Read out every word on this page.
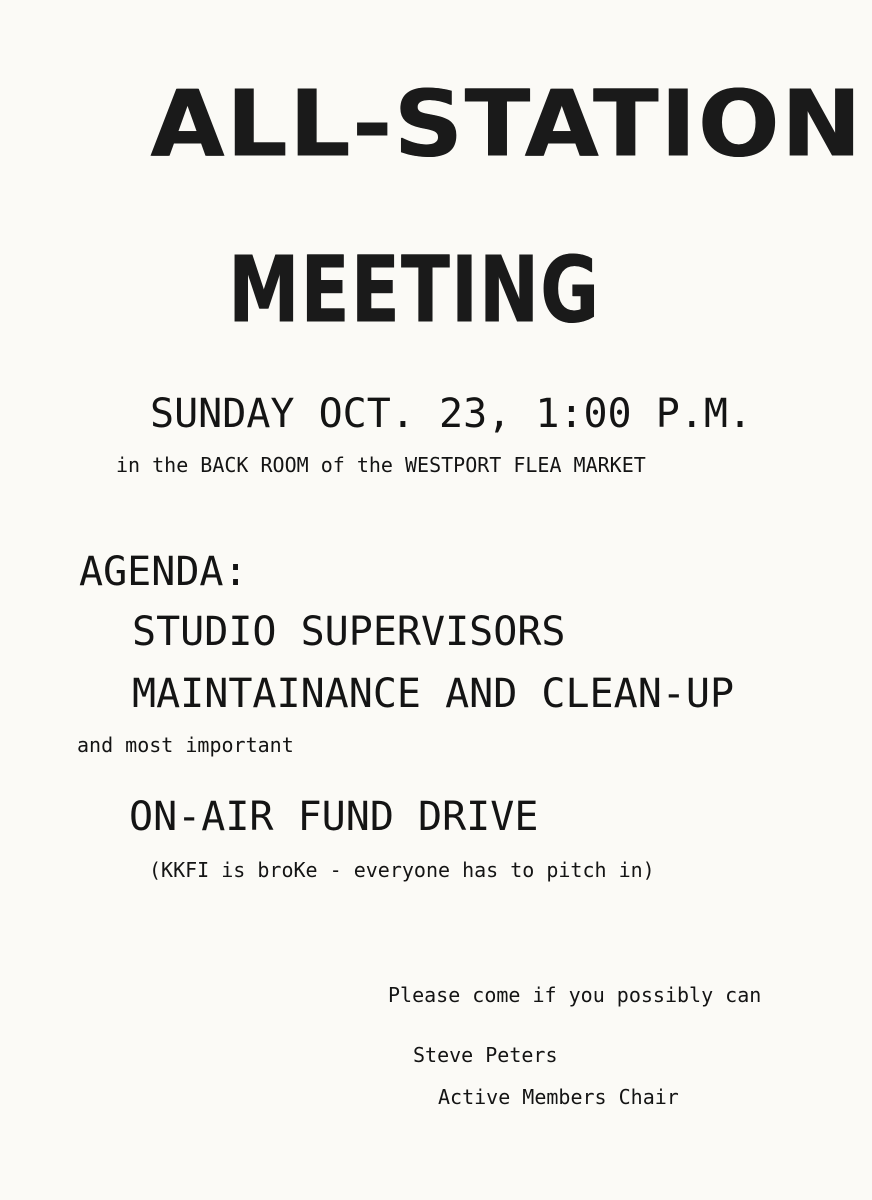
ALL-STATION
MEETING
SUNDAY OCT. 23, 1:00 P.M.
in the BACK ROOM of the WESTPORT FLEA MARKET
AGENDA:
STUDIO SUPERVISORS
MAINTAINANCE AND CLEAN-UP
and most important
ON-AIR FUND DRIVE
(KKFI is broKe - everyone has to pitch in)
Please come if you possibly can
Steve Peters
Active Members Chair
